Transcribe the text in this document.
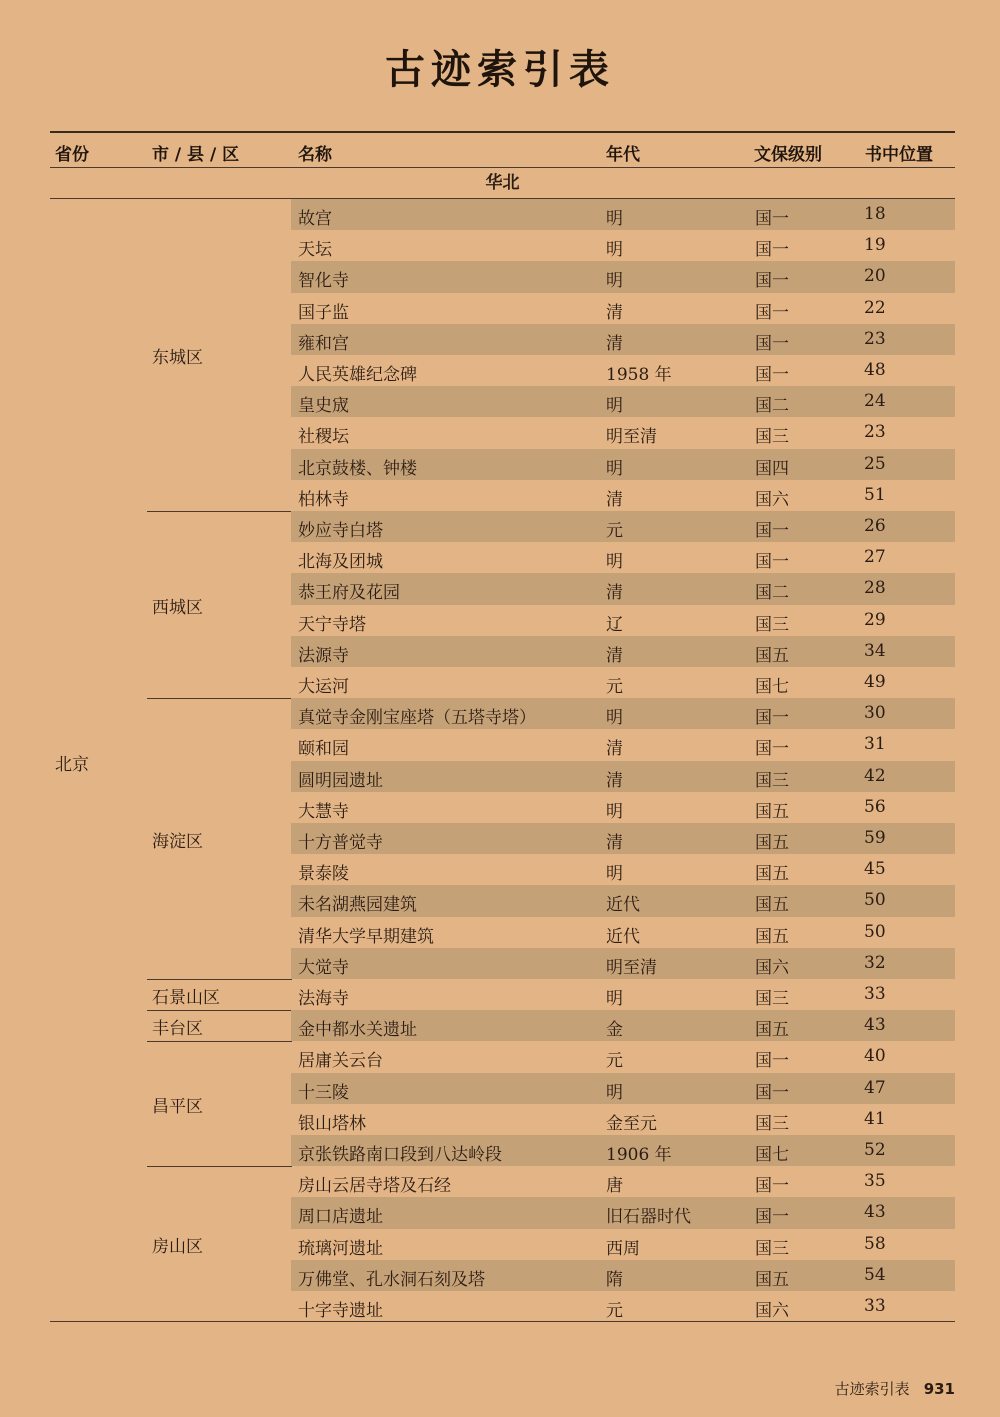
古迹索引表
省份	市 / 县 / 区	名称	年代	文保级别	书中位置
华北
北京
东城区
故宫	明	国一	18
天坛	明	国一	19
智化寺	明	国一	20
国子监	清	国一	22
雍和宫	清	国一	23
人民英雄纪念碑	1958 年	国一	48
皇史宬	明	国二	24
社稷坛	明至清	国三	23
北京鼓楼、钟楼	明	国四	25
柏林寺	清	国六	51
西城区
妙应寺白塔	元	国一	26
北海及团城	明	国一	27
恭王府及花园	清	国二	28
天宁寺塔	辽	国三	29
法源寺	清	国五	34
大运河	元	国七	49
海淀区
真觉寺金刚宝座塔（五塔寺塔）	明	国一	30
颐和园	清	国一	31
圆明园遗址	清	国三	42
大慧寺	明	国五	56
十方普觉寺	清	国五	59
景泰陵	明	国五	45
未名湖燕园建筑	近代	国五	50
清华大学早期建筑	近代	国五	50
大觉寺	明至清	国六	32
石景山区	法海寺	明	国三	33
丰台区	金中都水关遗址	金	国五	43
昌平区
居庸关云台	元	国一	40
十三陵	明	国一	47
银山塔林	金至元	国三	41
京张铁路南口段到八达岭段	1906 年	国七	52
房山区
房山云居寺塔及石经	唐	国一	35
周口店遗址	旧石器时代	国一	43
琉璃河遗址	西周	国三	58
万佛堂、孔水洞石刻及塔	隋	国五	54
十字寺遗址	元	国六	33
古迹索引表 931
